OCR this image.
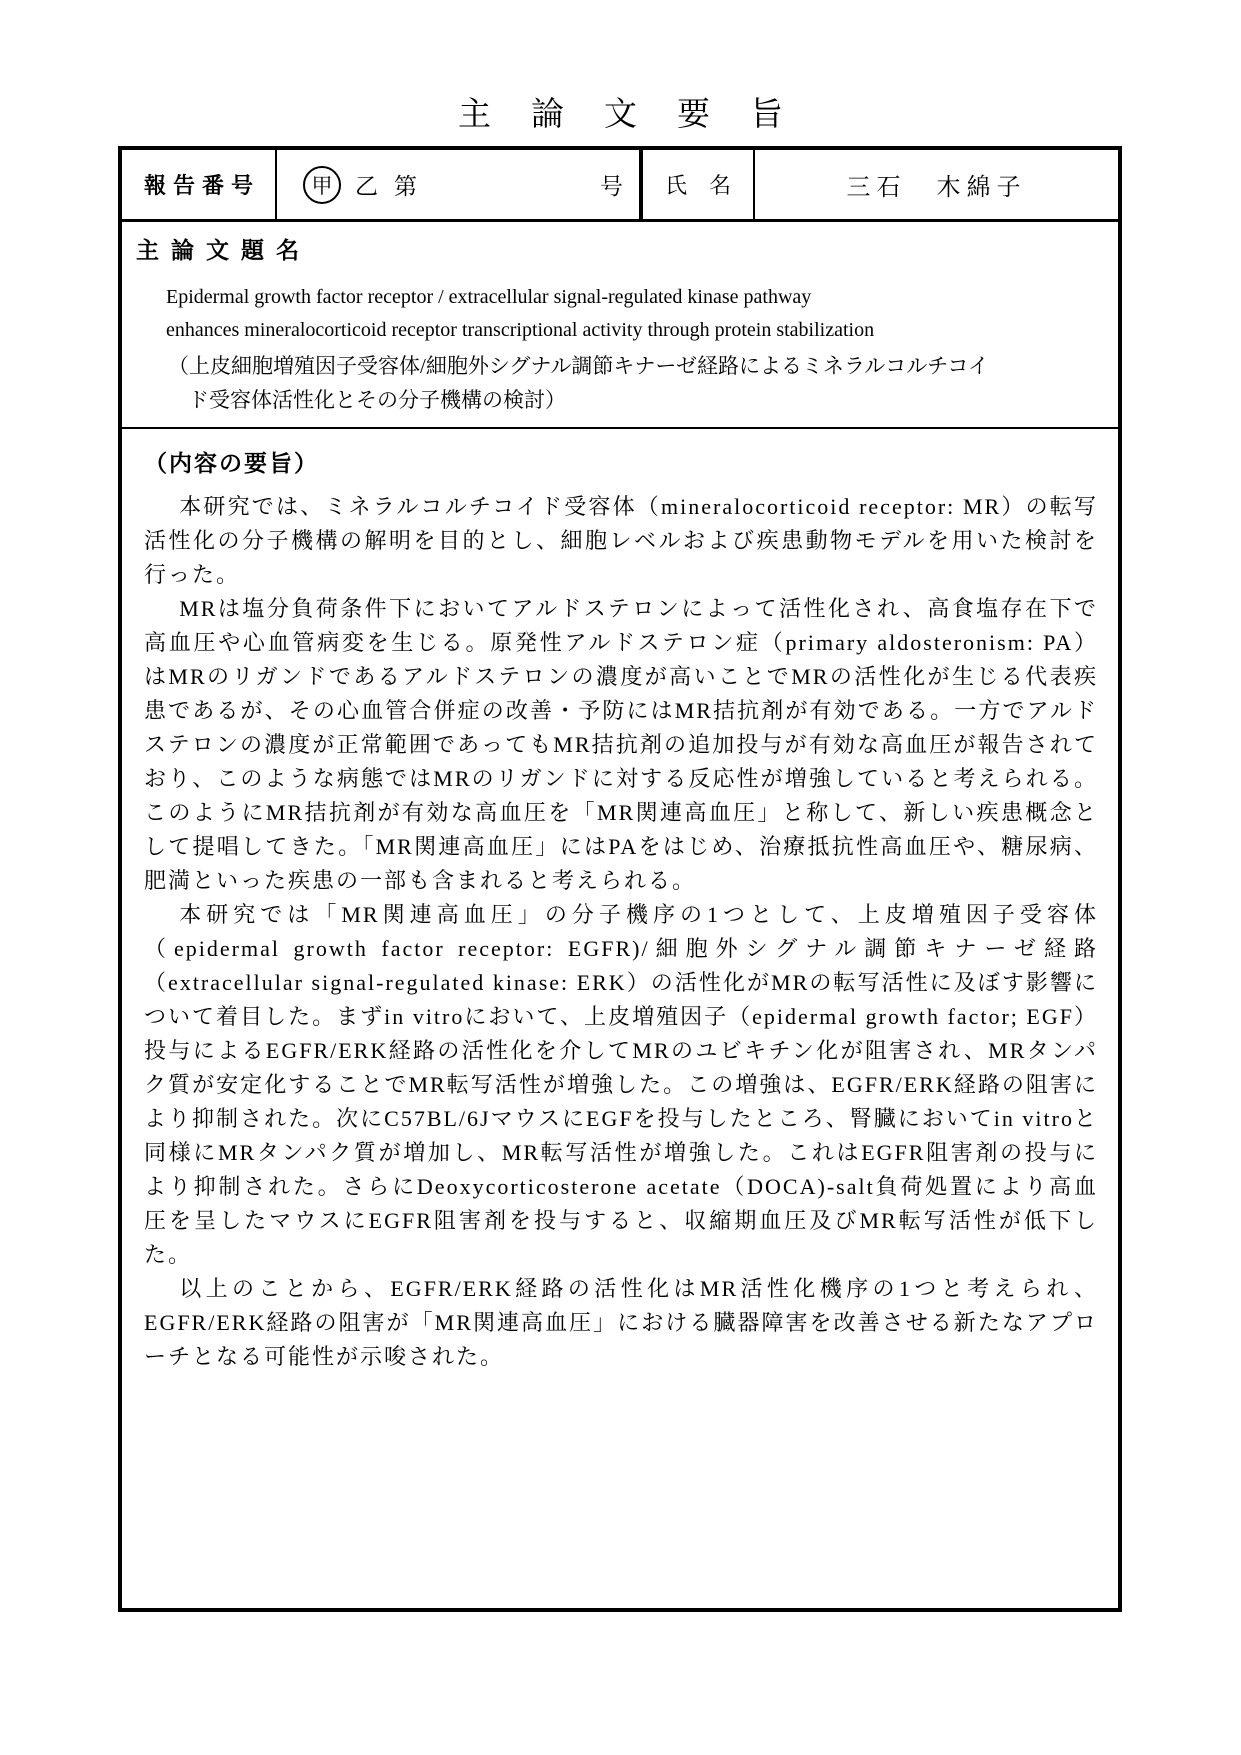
主論文要旨
報告番号	甲 乙 第	号	氏　名	三石　木綿子
主論文題名
Epidermal growth factor receptor / extracellular signal-regulated kinase pathway
enhances mineralocorticoid receptor transcriptional activity through protein stabilization
（上皮細胞増殖因子受容体/細胞外シグナル調節キナーゼ経路によるミネラルコルチコイ
ド受容体活性化とその分子機構の検討）
（内容の要旨）

本研究では、ミネラルコルチコイド受容体（mineralocorticoid receptor: MR）の転写活性化の分子機構の解明を目的とし、細胞レベルおよび疾患動物モデルを用いた検討を行った。

MRは塩分負荷条件下においてアルドステロンによって活性化され、高食塩存在下で高血圧や心血管病変を生じる。原発性アルドステロン症（primary aldosteronism: PA）はMRのリガンドであるアルドステロンの濃度が高いことでMRの活性化が生じる代表疾患であるが、その心血管合併症の改善・予防にはMR拮抗剤が有効である。一方でアルドステロンの濃度が正常範囲であってもMR拮抗剤の追加投与が有効な高血圧が報告されており、このような病態ではMRのリガンドに対する反応性が増強していると考えられる。このようにMR拮抗剤が有効な高血圧を「MR関連高血圧」と称して、新しい疾患概念として提唱してきた。「MR関連高血圧」にはPAをはじめ、治療抵抗性高血圧や、糖尿病、肥満といった疾患の一部も含まれると考えられる。

本研究では「MR関連高血圧」の分子機序の1つとして、上皮増殖因子受容体（epidermal growth factor receptor: EGFR)/細胞外シグナル調節キナーゼ経路（extracellular signal-regulated kinase: ERK）の活性化がMRの転写活性に及ぼす影響について着目した。まずin vitroにおいて、上皮増殖因子（epidermal growth factor; EGF）投与によるEGFR/ERK経路の活性化を介してMRのユビキチン化が阻害され、MRタンパク質が安定化することでMR転写活性が増強した。この増強は、EGFR/ERK経路の阻害により抑制された。次にC57BL/6JマウスにEGFを投与したところ、腎臓においてin vitroと同様にMRタンパク質が増加し、MR転写活性が増強した。これはEGFR阻害剤の投与により抑制された。さらにDeoxycorticosterone acetate（DOCA)-salt負荷処置により高血圧を呈したマウスにEGFR阻害剤を投与すると、収縮期血圧及びMR転写活性が低下した。

以上のことから、EGFR/ERK経路の活性化はMR活性化機序の1つと考えられ、EGFR/ERK経路の阻害が「MR関連高血圧」における臓器障害を改善させる新たなアプローチとなる可能性が示唆された。
